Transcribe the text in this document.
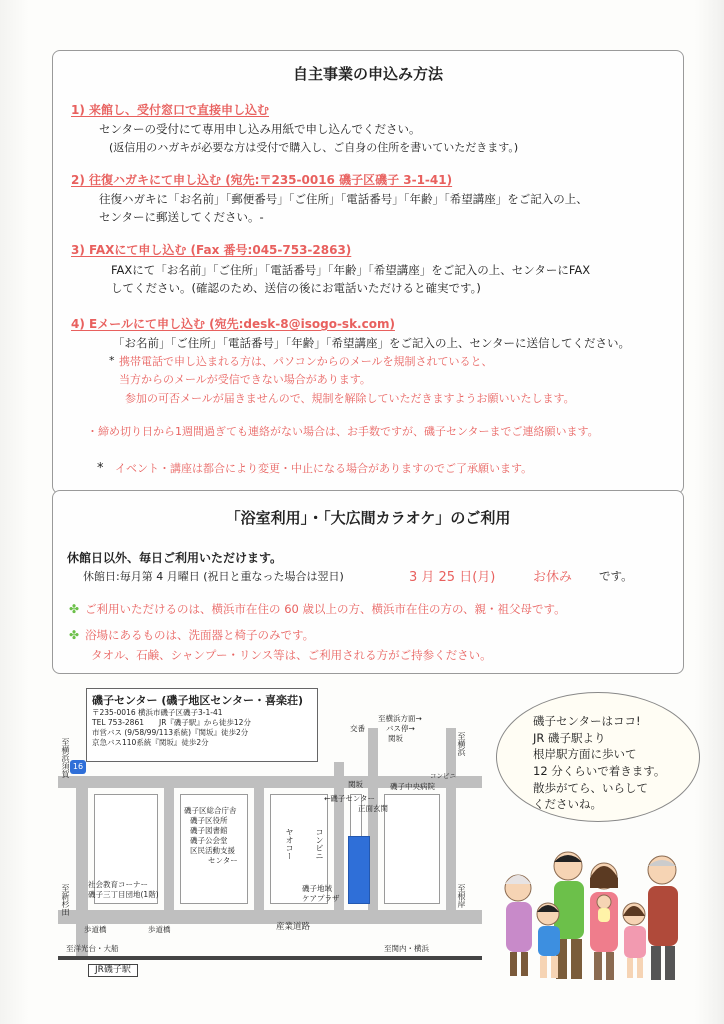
自主事業の申込み方法
1) 来館し、受付窓口で直接申し込む
センターの受付にて専用申し込み用紙で申し込んでください。
(返信用のハガキが必要な方は受付で購入し、ご自身の住所を書いていただきます。)
2) 往復ハガキにて申し込む (宛先:〒235-0016 磯子区磯子 3-1-41)
往復ハガキに「お名前」「郵便番号」「ご住所」「電話番号」「年齢」「希望講座」をご記入の上、
センターに郵送してください。-
3) FAXにて申し込む (Fax 番号:045-753-2863)
FAXにて「お名前」「ご住所」「電話番号」「年齢」「希望講座」をご記入の上、センターにFAX
してください。(確認のため、送信の後にお電話いただけると確実です。)
4) Eメールにて申し込む (宛先:desk-8@isogo-sk.com)
「お名前」「ご住所」「電話番号」「年齢」「希望講座」をご記入の上、センターに送信してください。
* 携帯電話で申し込まれる方は、パソコンからのメールを規制されていると、
当方からのメールが受信できない場合があります。
参加の可否メールが届きませんので、規制を解除していただきますようお願いいたします。
・締め切り日から1週間過ぎても連絡がない場合は、お手数ですが、磯子センターまでご連絡願います。
* イベント・講座は都合により変更・中止になる場合がありますのでご了承願います。
「浴室利用」・「大広間カラオケ」のご利用
休館日以外、毎日ご利用いただけます。
休館日:毎月第 4 月曜日 (祝日と重なった場合は翌日)	3 月 25 日(月)	お休み です。
✤ ご利用いただけるのは、横浜市在住の 60 歳以上の方、横浜市在住の方の、親・祖父母です。
✤ 浴場にあるものは、洗面器と椅子のみです。
タオル、石鹸、シャンプー・リンス等は、ご利用される方がご持参ください。
磯子センター (磯子地区センター・喜楽荘)
〒235-0016 横浜市磯子区磯子3-1-41
TEL 753-2861　　JR『磯子駅』から徒歩12分
市営バス (9/58/99/113系統)『関坂』徒歩2分
京急バス110系統『関坂』徒歩2分
16
至横浜方面→
バス停→
関坂
交番
至横浜
磯子中央病院
コンビニ
関坂
←磯子センター
正面玄関
磯子区総合庁舎
磯子区役所
磯子図書館
磯子公会堂
区民活動支援
センター
ヤオコー	コンビニ
磯子地域
ケアプラザ
社会教育コーナー
磯子三丁目団地(1階)
歩道橋	歩道橋	産業道路
至根岸
至新杉田
至横浜須賀
至洋光台・大船	至関内・横浜
JR磯子駅
磯子センターはココ!
JR 磯子駅より
根岸駅方面に歩いて
12 分くらいで着きます。
散歩がてら、いらして
くださいね。
